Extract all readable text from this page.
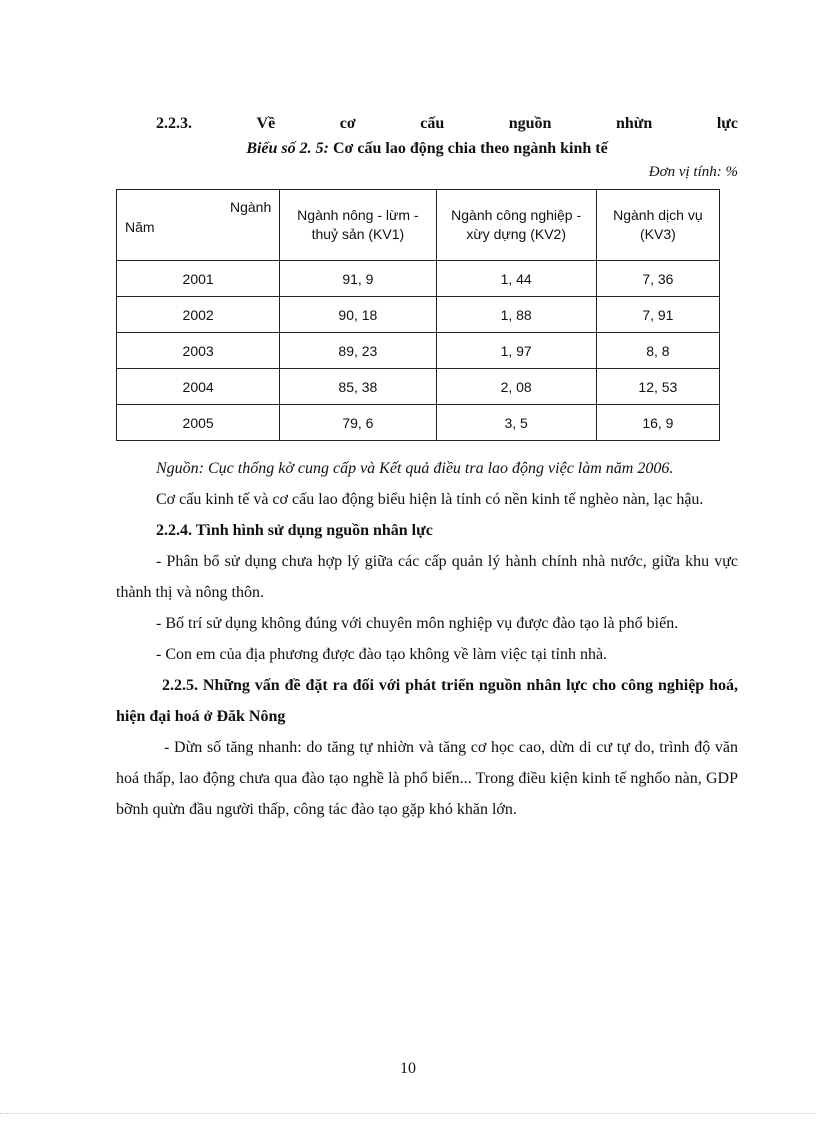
2.2.3.	Về	cơ	cấu	nguồn	nhừn	lực
Biểu số 2. 5: Cơ cấu lao động chia theo ngành kinh tế
Đơn vị tính: %
Ngành
Năm	Ngành nông - lừm - thuỷ sản (KV1)	Ngành công nghiệp - xừy dựng (KV2)	Ngành dịch vụ (KV3)
2001	91, 9	1, 44	7, 36
2002	90, 18	1, 88	7, 91
2003	89, 23	1, 97	8, 8
2004	85, 38	2, 08	12, 53
2005	79, 6	3, 5	16, 9
Nguồn: Cục thống kờ cung cấp và Kết quả điều tra lao động việc làm năm 2006.

Cơ cấu kinh tế và cơ cấu lao động biểu hiện là tỉnh có nền kinh tế nghèo nàn, lạc hậu.

2.2.4. Tình hình sử dụng nguồn nhân lực

- Phân bổ sử dụng chưa hợp lý giữa các cấp quản lý hành chính nhà nước, giữa khu vực thành thị và nông thôn.

- Bố trí sử dụng không đúng với chuyên môn nghiệp vụ được đào tạo là phổ biến.

- Con em của địa phương được đào tạo không về làm việc tại tỉnh nhà.

2.2.5. Những vấn đề đặt ra đối với phát triển nguồn nhân lực cho công nghiệp hoá, hiện đại hoá ở Đăk Nông

- Dừn số tăng nhanh: do tăng tự nhiờn và tăng cơ học cao, dừn di cư tự do, trình độ văn hoá thấp, lao động chưa qua đào tạo nghề là phổ biến... Trong điều kiện kinh tế nghốo nàn, GDP bỡnh quừn đầu người thấp, công tác đào tạo gặp khó khăn lớn.

10
